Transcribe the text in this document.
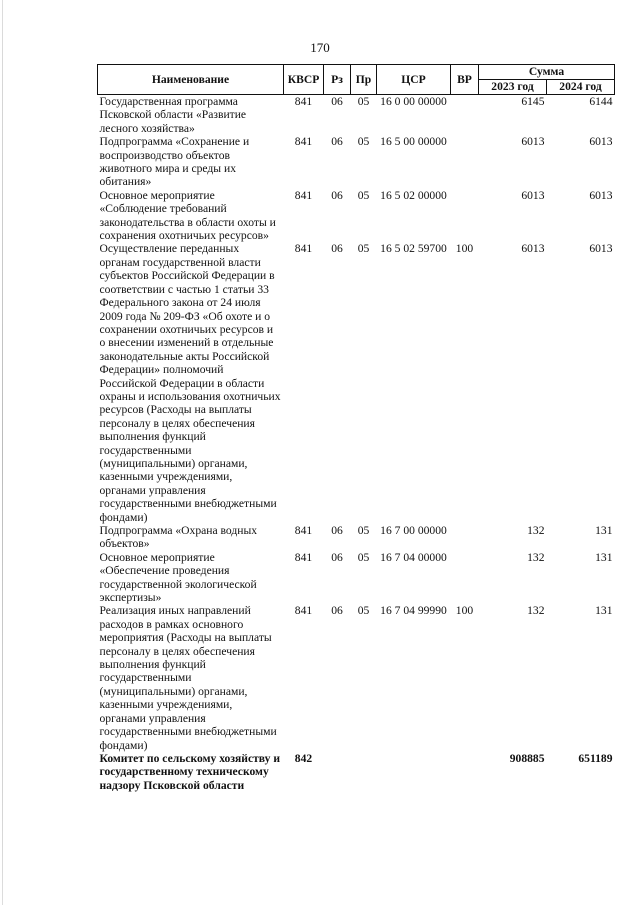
170
Наименование	КВСР	Рз	Пр	ЦСР	ВР	Сумма	
						2023 год	2024 год
Государственная программа Псковской области «Развитие лесного хозяйства»	841	06	05	16 0 00 00000		6145	6144
Подпрограмма «Сохранение и воспроизводство объектов животного мира и среды их обитания»	841	06	05	16 5 00 00000		6013	6013
Основное мероприятие «Соблюдение требований законодательства в области охоты и сохранения охотничьих ресурсов»	841	06	05	16 5 02 00000		6013	6013
Осуществление переданных органам государственной власти субъектов Российской Федерации в соответствии с частью 1 статьи 33 Федерального закона от 24 июля 2009 года № 209-ФЗ «Об охоте и о сохранении охотничьих ресурсов и о внесении изменений в отдельные законодательные акты Российской Федерации» полномочий Российской Федерации в области охраны и использования охотничьих ресурсов (Расходы на выплаты персоналу в целях обеспечения выполнения функций государственными (муниципальными) органами, казенными учреждениями, органами управления государственными внебюджетными фондами)	841	06	05	16 5 02 59700	100	6013	6013
Подпрограмма «Охрана водных объектов»	841	06	05	16 7 00 00000		132	131
Основное мероприятие «Обеспечение проведения государственной экологической экспертизы»	841	06	05	16 7 04 00000		132	131
Реализация иных направлений расходов в рамках основного мероприятия (Расходы на выплаты персоналу в целях обеспечения выполнения функций государственными (муниципальными) органами, казенными учреждениями, органами управления государственными внебюджетными фондами)	841	06	05	16 7 04 99990	100	132	131
Комитет по сельскому хозяйству и государственному техническому надзору Псковской области	842					908885	651189
